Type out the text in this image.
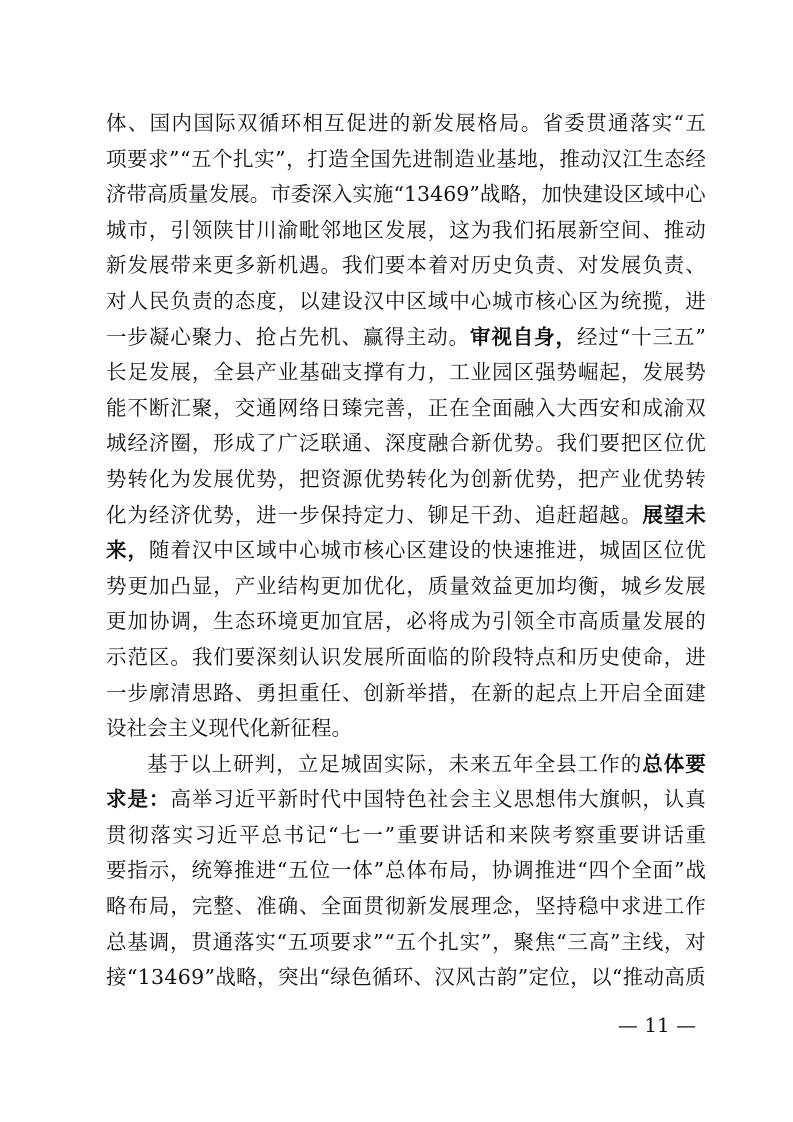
体 、 国 内 国 际 双 循 环 相 互 促 进 的 新 发 展 格 局 。 省 委 贯 通 落 实 “ 五
项 要 求 ” “ 五 个 扎 实 ” ， 打 造 全 国 先 进 制 造 业 基 地 ， 推 动 汉 江 生 态 经
济 带 高 质 量 发 展 。 市 委 深 入 实 施 “ 1 3 4 6 9 ” 战 略 ， 加 快 建 设 区 域 中 心
城 市 ， 引 领 陕 甘 川 渝 毗 邻 地 区 发 展 ， 这 为 我 们 拓 展 新 空 间 、 推 动
新 发 展 带 来 更 多 新 机 遇 。 我 们 要 本 着 对 历 史 负 责 、 对 发 展 负 责 、
对 人 民 负 责 的 态 度 ， 以 建 设 汉 中 区 域 中 心 城 市 核 心 区 为 统 揽 ， 进
一 步 凝 心 聚 力 、 抢 占 先 机 、 赢 得 主 动 。 审 视 自 身 ， 经 过 “ 十 三 五 ”
长 足 发 展 ， 全 县 产 业 基 础 支 撑 有 力 ， 工 业 园 区 强 势 崛 起 ， 发 展 势
能 不 断 汇 聚 ， 交 通 网 络 日 臻 完 善 ， 正 在 全 面 融 入 大 西 安 和 成 渝 双
城 经 济 圈 ， 形 成 了 广 泛 联 通 、 深 度 融 合 新 优 势 。 我 们 要 把 区 位 优
势 转 化 为 发 展 优 势 ， 把 资 源 优 势 转 化 为 创 新 优 势 ， 把 产 业 优 势 转
化 为 经 济 优 势 ， 进 一 步 保 持 定 力 、 铆 足 干 劲 、 追 赶 超 越 。 展 望 未
来 ， 随 着 汉 中 区 域 中 心 城 市 核 心 区 建 设 的 快 速 推 进 ， 城 固 区 位 优
势 更 加 凸 显 ， 产 业 结 构 更 加 优 化 ， 质 量 效 益 更 加 均 衡 ， 城 乡 发 展
更 加 协 调 ， 生 态 环 境 更 加 宜 居 ， 必 将 成 为 引 领 全 市 高 质 量 发 展 的
示 范 区 。 我 们 要 深 刻 认 识 发 展 所 面 临 的 阶 段 特 点 和 历 史 使 命 ， 进
一 步 廓 清 思 路 、 勇 担 重 任 、 创 新 举 措 ， 在 新 的 起 点 上 开 启 全 面 建
设 社 会 主 义 现 代 化 新 征 程 。
基 于 以 上 研 判 ， 立 足 城 固 实 际 ， 未 来 五 年 全 县 工 作 的 总 体 要
求 是 ： 高 举 习 近 平 新 时 代 中 国 特 色 社 会 主 义 思 想 伟 大 旗 帜 ， 认 真
贯 彻 落 实 习 近 平 总 书 记 “ 七 一 ” 重 要 讲 话 和 来 陕 考 察 重 要 讲 话 重
要 指 示 ， 统 筹 推 进 “ 五 位 一 体 ” 总 体 布 局 ， 协 调 推 进 “ 四 个 全 面 ” 战
略 布 局 ， 完 整 、 准 确 、 全 面 贯 彻 新 发 展 理 念 ， 坚 持 稳 中 求 进 工 作
总 基 调 ， 贯 通 落 实 “ 五 项 要 求 ” “ 五 个 扎 实 ” ， 聚 焦 “ 三 高 ” 主 线 ， 对
接 “ 1 3 4 6 9 ” 战 略 ， 突 出 “ 绿 色 循 环 、 汉 风 古 韵 ” 定 位 ， 以 “ 推 动 高 质
— 11 —
